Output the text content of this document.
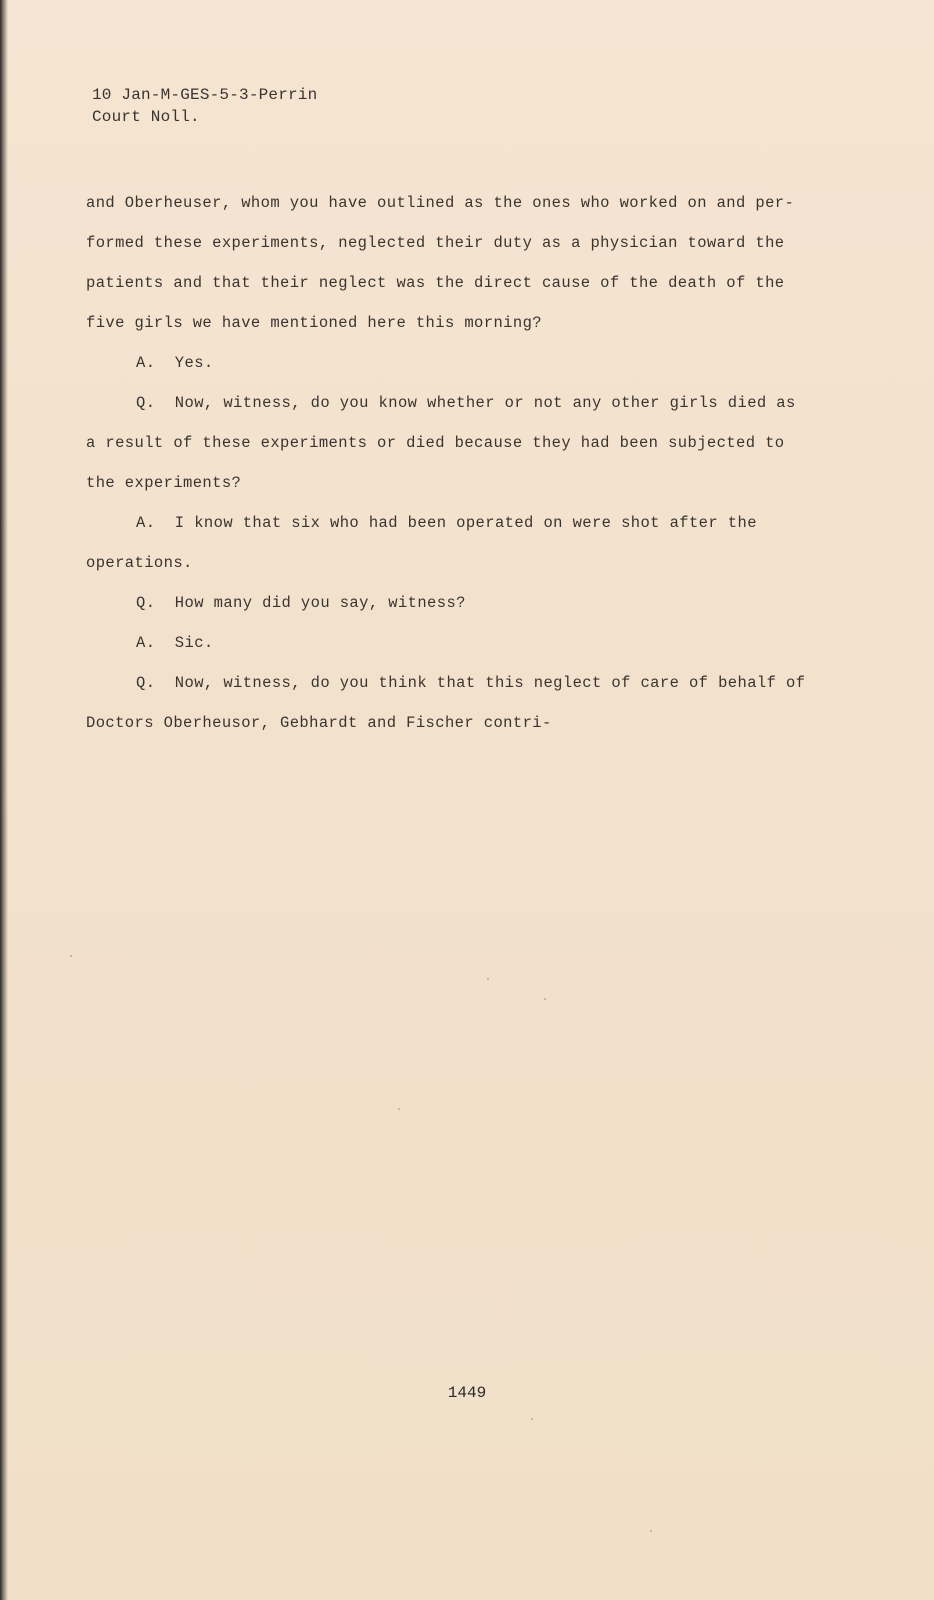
10 Jan-M-GES-5-3-Perrin
Court Noll.
and Oberheuser, whom you have outlined as the ones who worked on and per-
formed these experiments, neglected their duty as a physician toward the
patients and that their neglect was the direct cause of the death of the
five girls we have mentioned here this morning?
A.  Yes.
Q.  Now, witness, do you know whether or not any other girls died as
a result of these experiments or died because they had been subjected to
the experiments?
A.  I know that six who had been operated on were shot after the
operations.
Q.  How many did you say, witness?
A.  Sic.
Q.  Now, witness, do you think that this neglect of care of behalf of
Doctors Oberheusor, Gebhardt and Fischer contri-
1449
